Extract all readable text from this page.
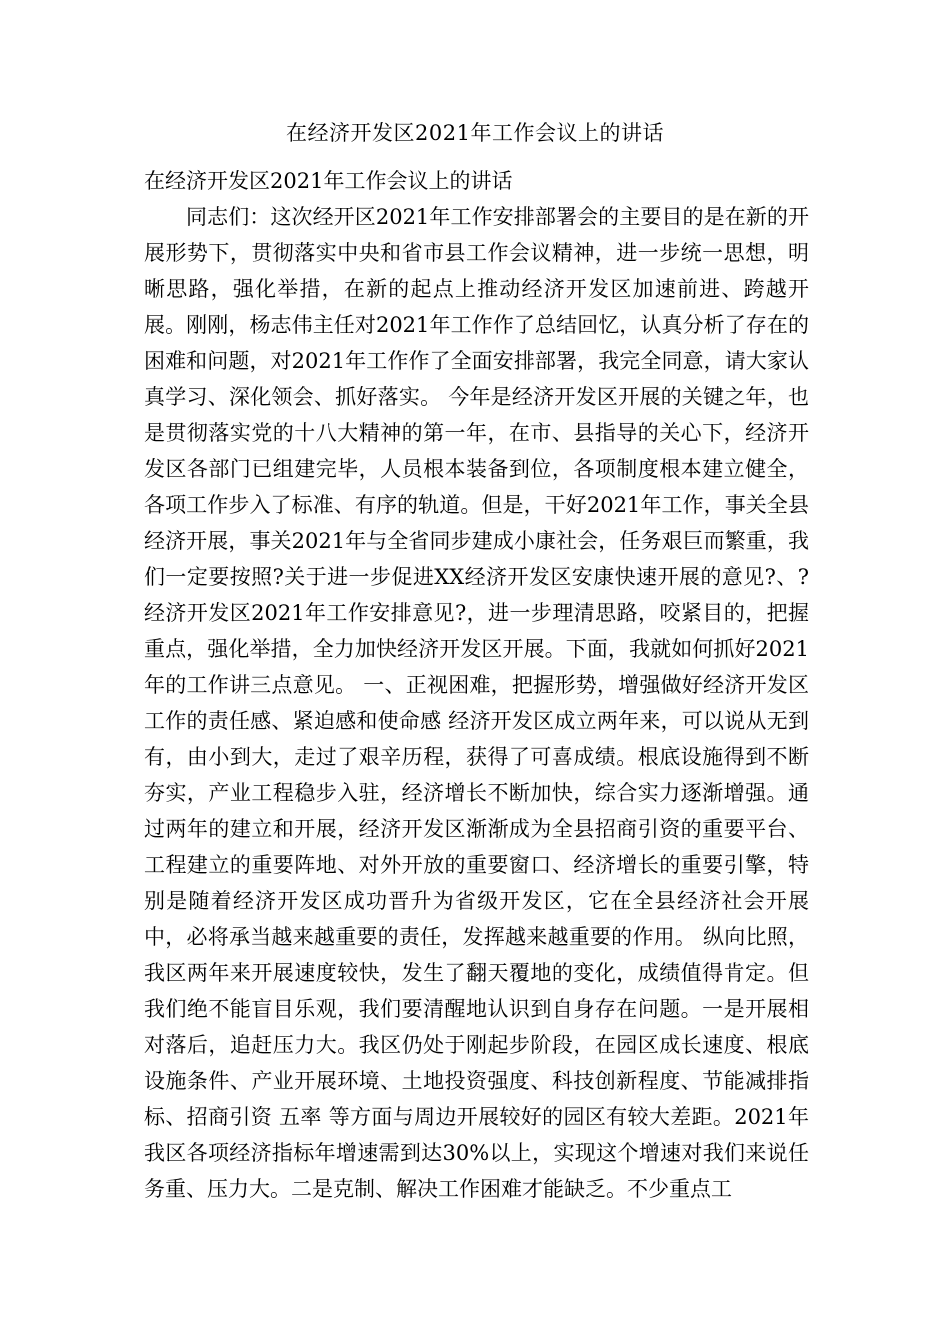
在经济开发区2021年工作会议上的讲话
在经济开发区2021年工作会议上的讲话

同志们：这次经开区2021年工作安排部署会的主要目的是在新的开展形势下，贯彻落实中央和省市县工作会议精神，进一步统一思想，明晰思路，强化举措，在新的起点上推动经济开发区加速前进、跨越开展。刚刚，杨志伟主任对2021年工作作了总结回忆，认真分析了存在的困难和问题，对2021年工作作了全面安排部署，我完全同意，请大家认真学习、深化领会、抓好落实。 今年是经济开发区开展的关键之年，也是贯彻落实党的十八大精神的第一年，在市、县指导的关心下，经济开发区各部门已组建完毕，人员根本装备到位，各项制度根本建立健全，各项工作步入了标准、有序的轨道。但是，干好2021年工作，事关全县经济开展，事关2021年与全省同步建成小康社会，任务艰巨而繁重，我们一定要按照?关于进一步促进XX经济开发区安康快速开展的意见?、?经济开发区2021年工作安排意见?，进一步理清思路，咬紧目的，把握重点，强化举措，全力加快经济开发区开展。下面，我就如何抓好2021年的工作讲三点意见。 一、正视困难，把握形势，增强做好经济开发区工作的责任感、紧迫感和使命感 经济开发区成立两年来，可以说从无到有，由小到大，走过了艰辛历程，获得了可喜成绩。根底设施得到不断夯实，产业工程稳步入驻，经济增长不断加快，综合实力逐渐增强。通过两年的建立和开展，经济开发区渐渐成为全县招商引资的重要平台、工程建立的重要阵地、对外开放的重要窗口、经济增长的重要引擎，特别是随着经济开发区成功晋升为省级开发区，它在全县经济社会开展中，必将承当越来越重要的责任，发挥越来越重要的作用。 纵向比照，我区两年来开展速度较快，发生了翻天覆地的变化，成绩值得肯定。但我们绝不能盲目乐观，我们要清醒地认识到自身存在问题。一是开展相对落后，追赶压力大。我区仍处于刚起步阶段，在园区成长速度、根底设施条件、产业开展环境、土地投资强度、科技创新程度、节能减排指标、招商引资 五率 等方面与周边开展较好的园区有较大差距。2021年我区各项经济指标年增速需到达30%以上，实现这个增速对我们来说任务重、压力大。二是克制、解决工作困难才能缺乏。不少重点工
